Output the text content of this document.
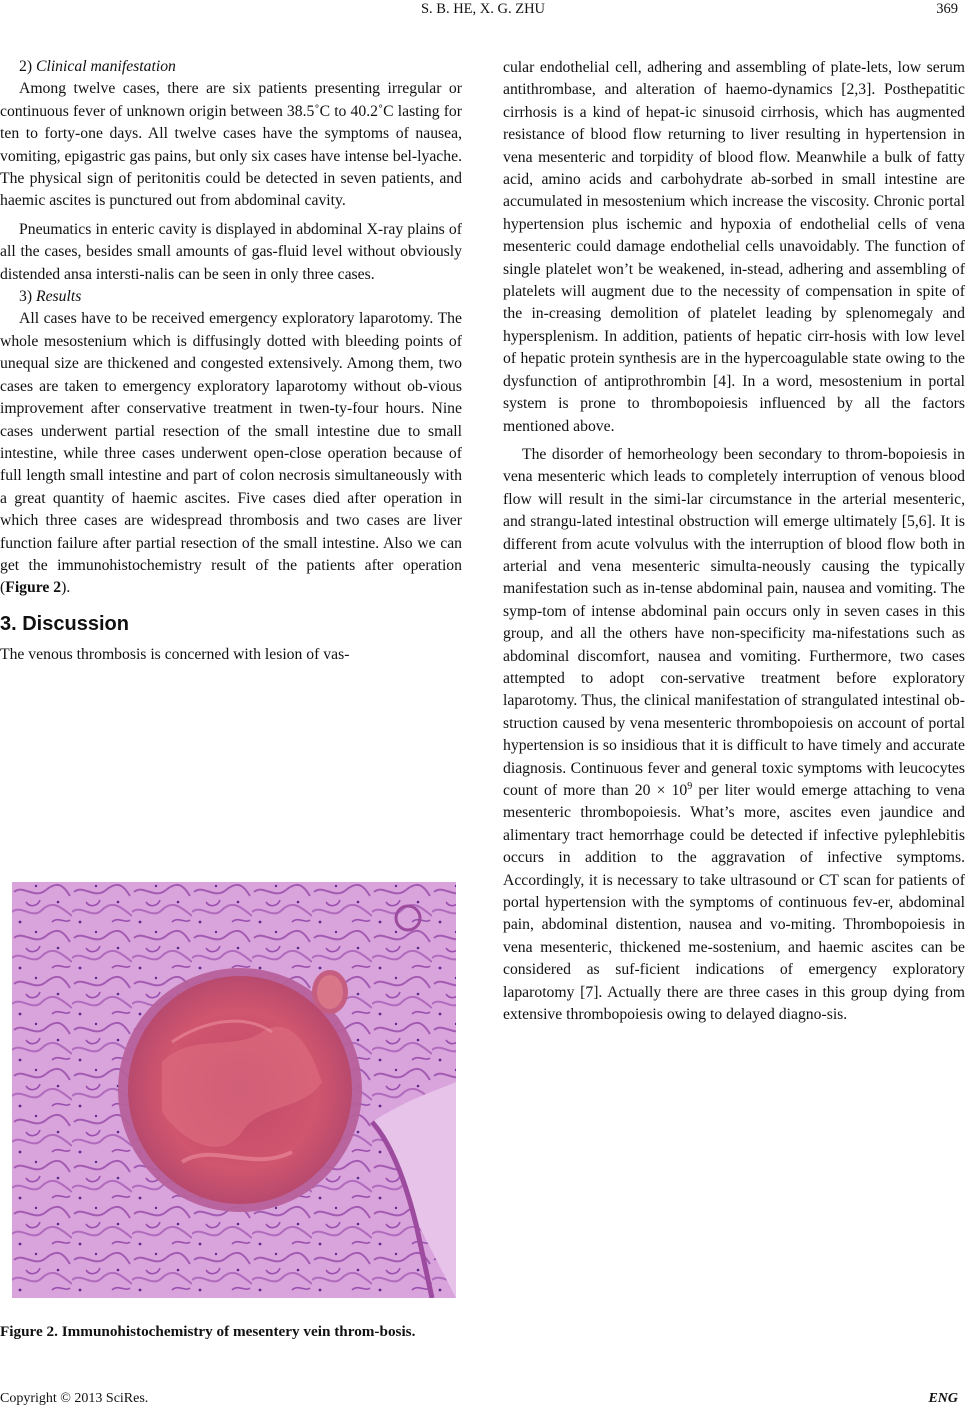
S. B. HE, X. G. ZHU	369

2) Clinical manifestation

Among twelve cases, there are six patients presenting irregular or continuous fever of unknown origin between 38.5˚C to 40.2˚C lasting for ten to forty-one days. All twelve cases have the symptoms of nausea, vomiting, epigastric gas pains, but only six cases have intense bel-lyache. The physical sign of peritonitis could be detected in seven patients, and haemic ascites is punctured out from abdominal cavity.

Pneumatics in enteric cavity is displayed in abdominal X-ray plains of all the cases, besides small amounts of gas-fluid level without obviously distended ansa intersti-nalis can be seen in only three cases.

3) Results

All cases have to be received emergency exploratory laparotomy. The whole mesostenium which is diffusingly dotted with bleeding points of unequal size are thickened and congested extensively. Among them, two cases are taken to emergency exploratory laparotomy without ob-vious improvement after conservative treatment in twen-ty-four hours. Nine cases underwent partial resection of the small intestine due to small intestine, while three cases underwent open-close operation because of full length small intestine and part of colon necrosis simultaneously with a great quantity of haemic ascites. Five cases died after operation in which three cases are widespread thrombosis and two cases are liver function failure after partial resection of the small intestine. Also we can get the immunohistochemistry result of the patients after operation (Figure 2).

3. Discussion

The venous thrombosis is concerned with lesion of vas-

Figure 2. Immunohistochemistry of mesentery vein throm-bosis.

cular endothelial cell, adhering and assembling of plate-lets, low serum antithrombase, and alteration of haemo-dynamics [2,3]. Posthepatitic cirrhosis is a kind of hepat-ic sinusoid cirrhosis, which has augmented resistance of blood flow returning to liver resulting in hypertension in vena mesenteric and torpidity of blood flow. Meanwhile a bulk of fatty acid, amino acids and carbohydrate ab-sorbed in small intestine are accumulated in mesostenium which increase the viscosity. Chronic portal hypertension plus ischemic and hypoxia of endothelial cells of vena mesenteric could damage endothelial cells unavoidably. The function of single platelet won’t be weakened, in-stead, adhering and assembling of platelets will augment due to the necessity of compensation in spite of the in-creasing demolition of platelet leading by splenomegaly and hypersplenism. In addition, patients of hepatic cirr-hosis with low level of hepatic protein synthesis are in the hypercoagulable state owing to the dysfunction of antiprothrombin [4]. In a word, mesostenium in portal system is prone to thrombopoiesis influenced by all the factors mentioned above.

The disorder of hemorheology been secondary to throm-bopoiesis in vena mesenteric which leads to completely interruption of venous blood flow will result in the simi-lar circumstance in the arterial mesenteric, and strangu-lated intestinal obstruction will emerge ultimately [5,6]. It is different from acute volvulus with the interruption of blood flow both in arterial and vena mesenteric simulta-neously causing the typically manifestation such as in-tense abdominal pain, nausea and vomiting. The symp-tom of intense abdominal pain occurs only in seven cases in this group, and all the others have non-specificity ma-nifestations such as abdominal discomfort, nausea and vomiting. Furthermore, two cases attempted to adopt con-servative treatment before exploratory laparotomy. Thus, the clinical manifestation of strangulated intestinal ob-struction caused by vena mesenteric thrombopoiesis on account of portal hypertension is so insidious that it is difficult to have timely and accurate diagnosis. Continuous fever and general toxic symptoms with leucocytes count of more than $20 \times 10^9$ per liter would emerge attaching to vena mesenteric thrombopoiesis. What’s more, ascites even jaundice and alimentary tract hemorrhage could be detected if infective pylephlebitis occurs in addition to the aggravation of infective symptoms. Accordingly, it is necessary to take ultrasound or CT scan for patients of portal hypertension with the symptoms of continuous fev-er, abdominal pain, abdominal distention, nausea and vo-miting. Thrombopoiesis in vena mesenteric, thickened me-sostenium, and haemic ascites can be considered as suf-ficient indications of emergency exploratory laparotomy [7]. Actually there are three cases in this group dying from extensive thrombopoiesis owing to delayed diagno-sis.

Copyright © 2013 SciRes.	ENG
